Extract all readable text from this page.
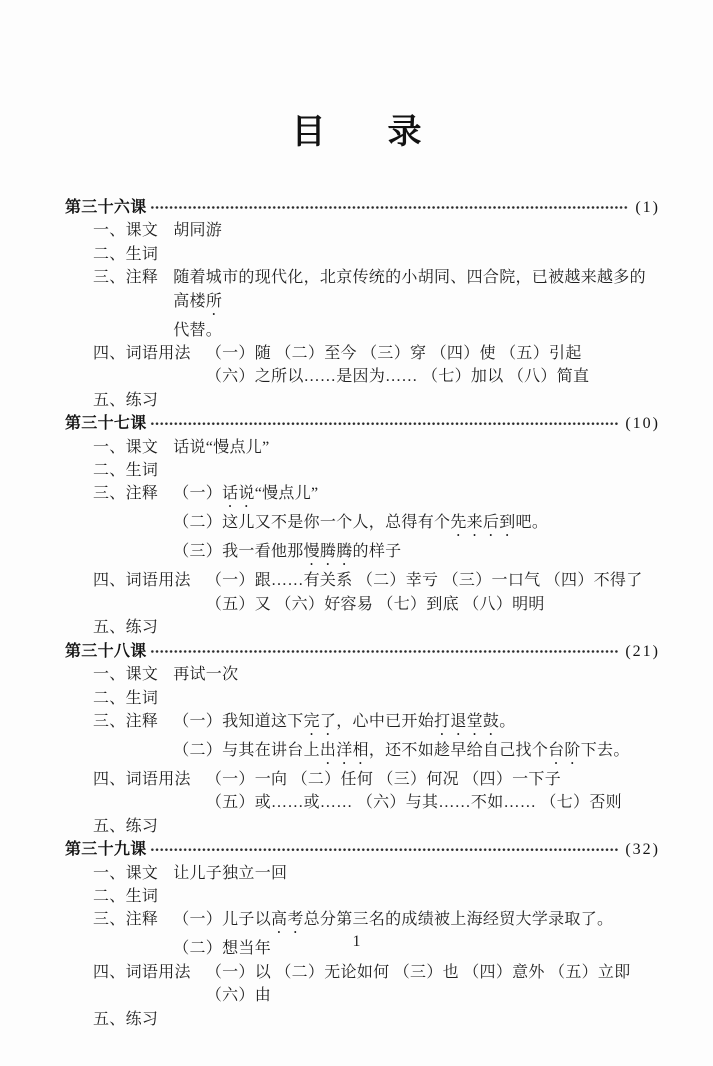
目 录
第三十六课	(1)
一、课文 胡同游
二、生词
三、注释 随着城市的现代化，北京传统的小胡同、四合院，已被越来越多的高楼所
代替。
四、词语用法 （一）随 （二）至今 （三）穿 （四）使 （五）引起
（六）之所以……是因为…… （七）加以 （八）简直
五、练习
第三十七课	(10)
一、课文 话说“慢点儿”
二、生词
三、注释 （一）话说“慢点儿”
（二）这儿又不是你一个人，总得有个先来后到吧。
（三）我一看他那慢腾腾的样子
四、词语用法 （一）跟……有关系 （二）幸亏 （三）一口气 （四）不得了
（五）又 （六）好容易 （七）到底 （八）明明
五、练习
第三十八课	(21)
一、课文 再试一次
二、生词
三、注释 （一）我知道这下完了，心中已开始打退堂鼓。
（二）与其在讲台上出洋相，还不如趁早给自己找个台阶下去。
四、词语用法 （一）一向 （二）任何 （三）何况 （四）一下子
（五）或……或…… （六）与其……不如…… （七）否则
五、练习
第三十九课	(32)
一、课文 让儿子独立一回
二、生词
三、注释 （一）儿子以高考总分第三名的成绩被上海经贸大学录取了。
（二）想当年
四、词语用法 （一）以 （二）无论如何 （三）也 （四）意外 （五）立即 （六）由
五、练习
1
